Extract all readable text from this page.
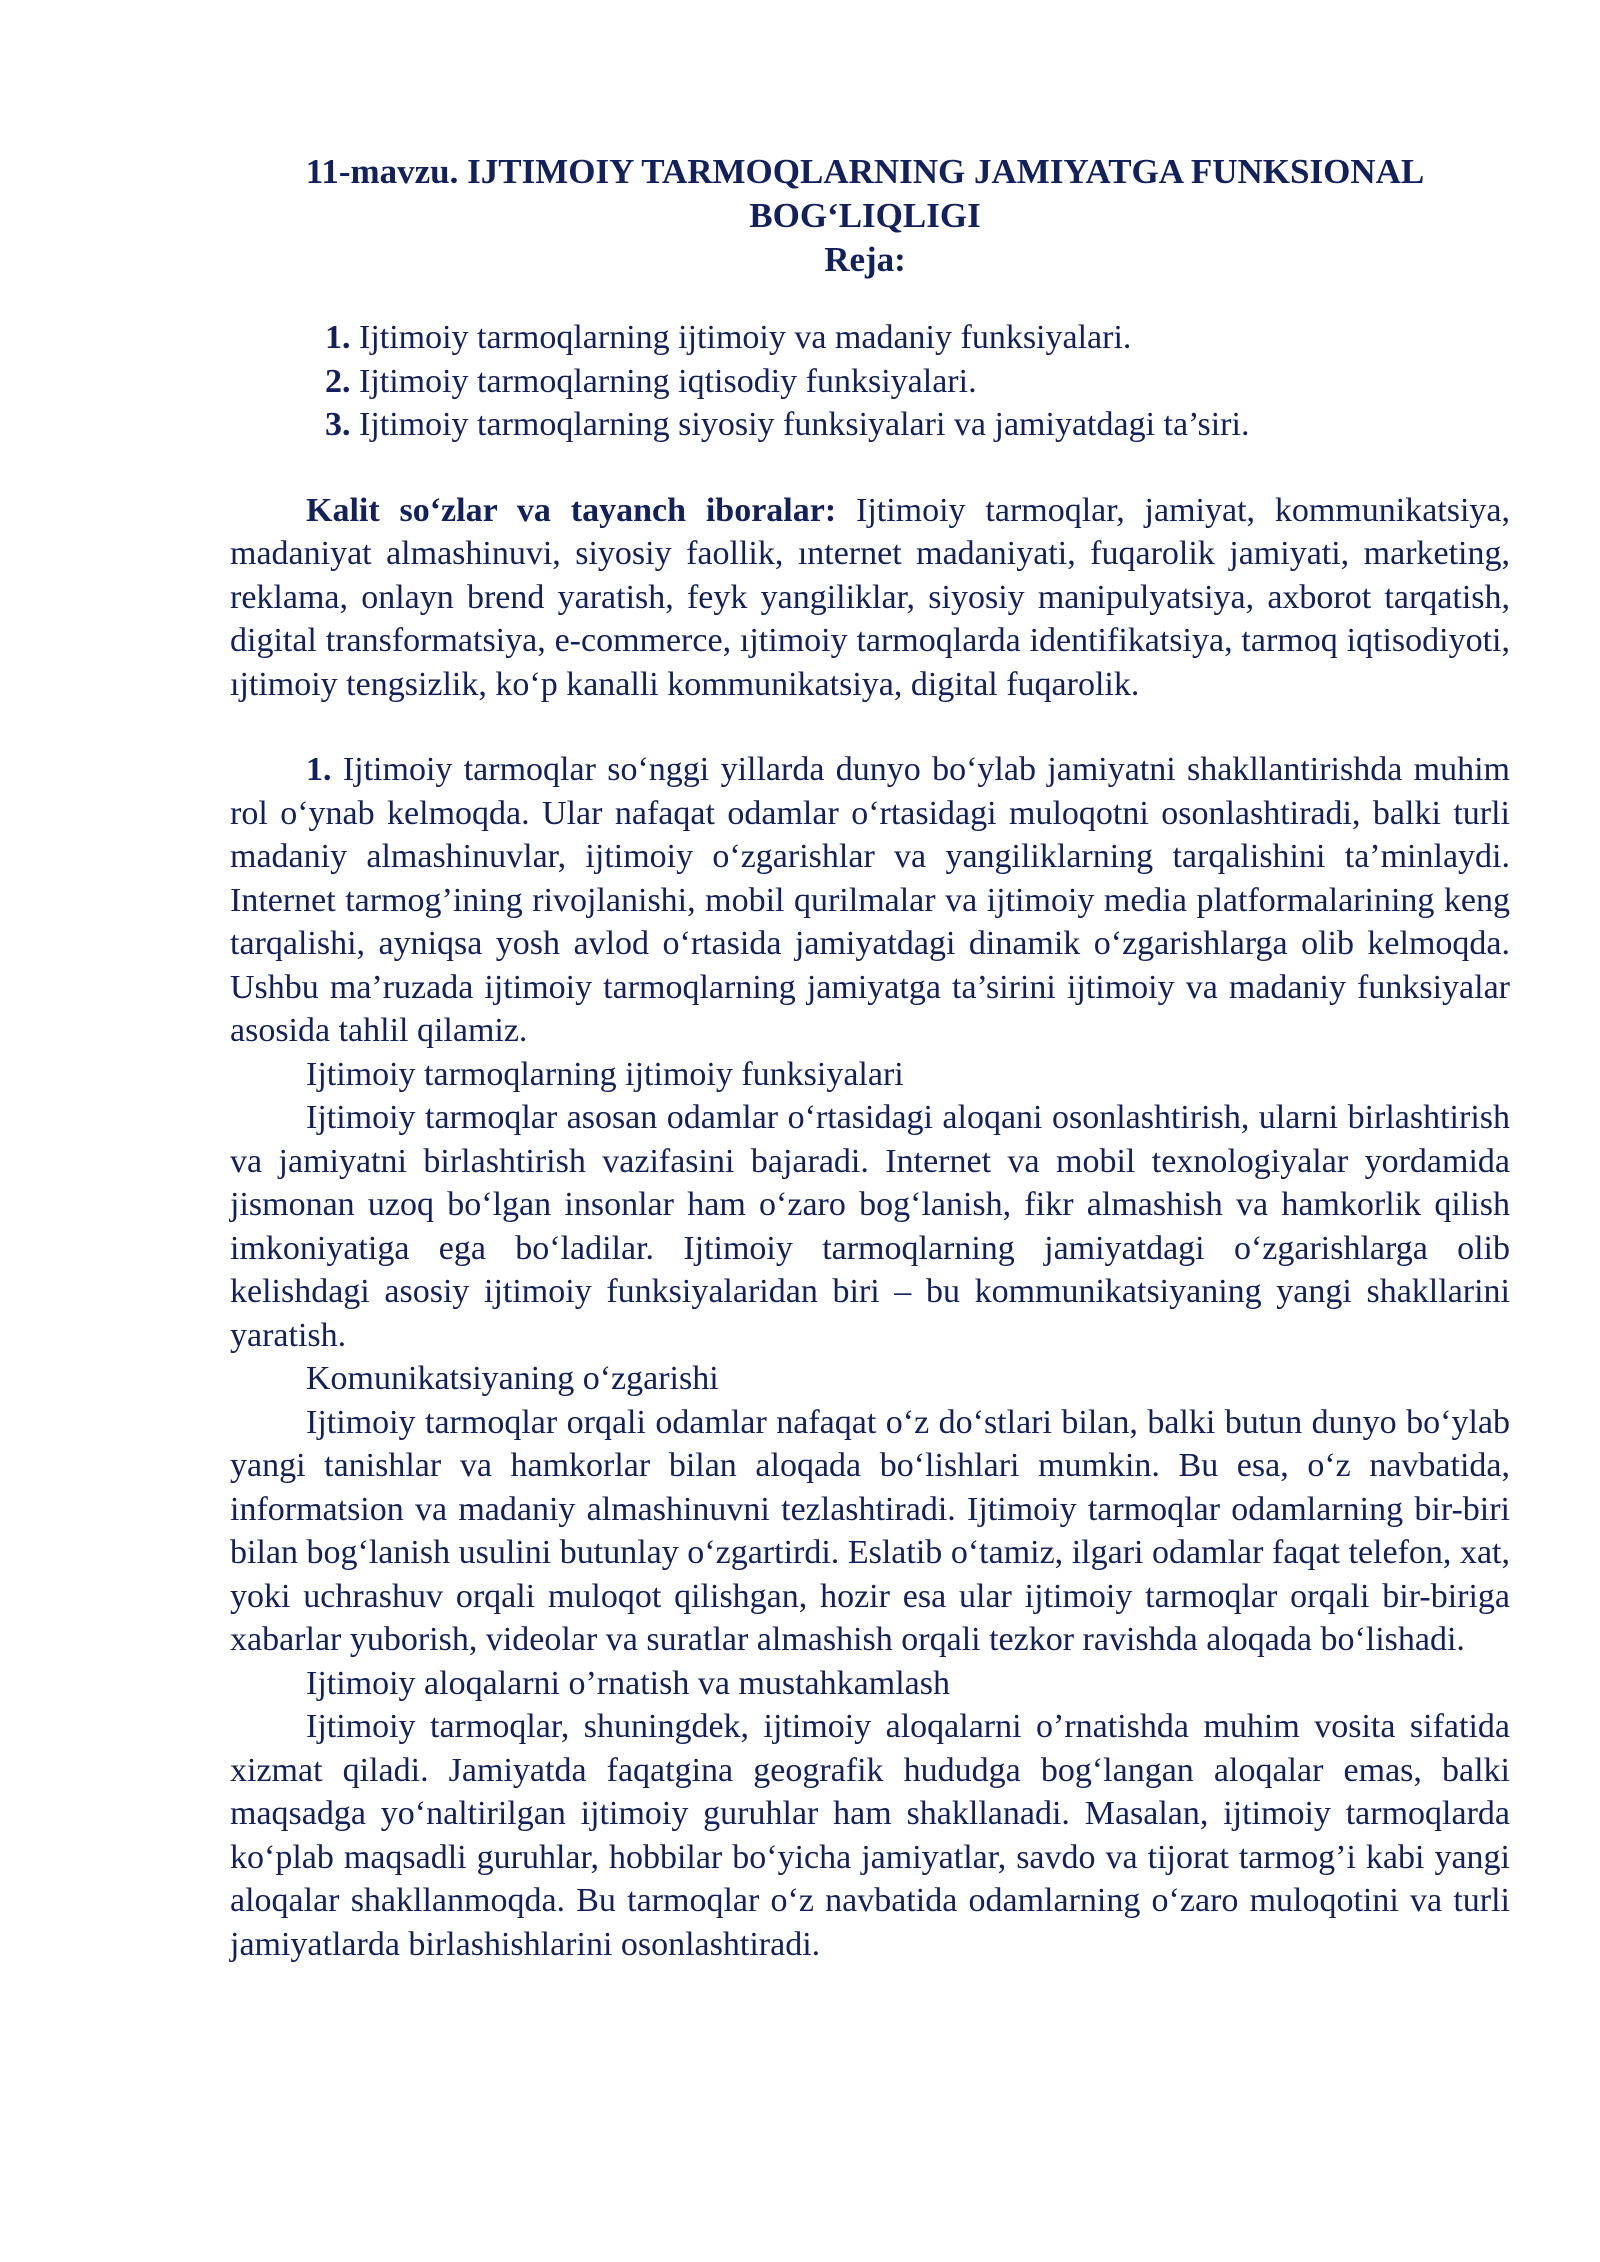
11-mavzu. IJTIMOIY TARMOQLARNING JAMIYATGA FUNKSIONAL
BOG‘LIQLIGI
Reja:
1. Ijtimoiy tarmoqlarning ijtimoiy va madaniy funksiyalari.
2. Ijtimoiy tarmoqlarning iqtisodiy funksiyalari.
3. Ijtimoiy tarmoqlarning siyosiy funksiyalari va jamiyatdagi ta’siri.

Kalit so‘zlar va tayanch iboralar: Ijtimoiy tarmoqlar, jamiyat, kommunikatsiya, madaniyat almashinuvi, siyosiy faollik, ınternet madaniyati, fuqarolik jamiyati, marketing, reklama, onlayn brend yaratish, feyk yangiliklar, siyosiy manipulyatsiya, axborot tarqatish, digital transformatsiya, e-commerce, ıjtimoiy tarmoqlarda identifikatsiya, tarmoq iqtisodiyoti, ıjtimoiy tengsizlik, ko‘p kanalli kommunikatsiya, digital fuqarolik.

1. Ijtimoiy tarmoqlar so‘nggi yillarda dunyo bo‘ylab jamiyatni shakllantirishda muhim rol o‘ynab kelmoqda. Ular nafaqat odamlar o‘rtasidagi muloqotni osonlashtiradi, balki turli madaniy almashinuvlar, ijtimoiy o‘zgarishlar va yangiliklarning tarqalishini ta’minlaydi. Internet tarmog’ining rivojlanishi, mobil qurilmalar va ijtimoiy media platformalarining keng tarqalishi, ayniqsa yosh avlod o‘rtasida jamiyatdagi dinamik o‘zgarishlarga olib kelmoqda. Ushbu ma’ruzada ijtimoiy tarmoqlarning jamiyatga ta’sirini ijtimoiy va madaniy funksiyalar asosida tahlil qilamiz.

Ijtimoiy tarmoqlarning ijtimoiy funksiyalari

Ijtimoiy tarmoqlar asosan odamlar o‘rtasidagi aloqani osonlashtirish, ularni birlashtirish va jamiyatni birlashtirish vazifasini bajaradi. Internet va mobil texnologiyalar yordamida jismonan uzoq bo‘lgan insonlar ham o‘zaro bog‘lanish, fikr almashish va hamkorlik qilish imkoniyatiga ega bo‘ladilar. Ijtimoiy tarmoqlarning jamiyatdagi o‘zgarishlarga olib kelishdagi asosiy ijtimoiy funksiyalaridan biri – bu kommunikatsiyaning yangi shakllarini yaratish.

Komunikatsiyaning o‘zgarishi

Ijtimoiy tarmoqlar orqali odamlar nafaqat o‘z do‘stlari bilan, balki butun dunyo bo‘ylab yangi tanishlar va hamkorlar bilan aloqada bo‘lishlari mumkin. Bu esa, o‘z navbatida, informatsion va madaniy almashinuvni tezlashtiradi. Ijtimoiy tarmoqlar odamlarning bir-biri bilan bog‘lanish usulini butunlay o‘zgartirdi. Eslatib o‘tamiz, ilgari odamlar faqat telefon, xat, yoki uchrashuv orqali muloqot qilishgan, hozir esa ular ijtimoiy tarmoqlar orqali bir-biriga xabarlar yuborish, videolar va suratlar almashish orqali tezkor ravishda aloqada bo‘lishadi.

Ijtimoiy aloqalarni o’rnatish va mustahkamlash

Ijtimoiy tarmoqlar, shuningdek, ijtimoiy aloqalarni o’rnatishda muhim vosita sifatida xizmat qiladi. Jamiyatda faqatgina geografik hududga bog‘langan aloqalar emas, balki maqsadga yo‘naltirilgan ijtimoiy guruhlar ham shakllanadi. Masalan, ijtimoiy tarmoqlarda ko‘plab maqsadli guruhlar, hobbilar bo‘yicha jamiyatlar, savdo va tijorat tarmog’i kabi yangi aloqalar shakllanmoqda. Bu tarmoqlar o‘z navbatida odamlarning o‘zaro muloqotini va turli jamiyatlarda birlashishlarini osonlashtiradi.
